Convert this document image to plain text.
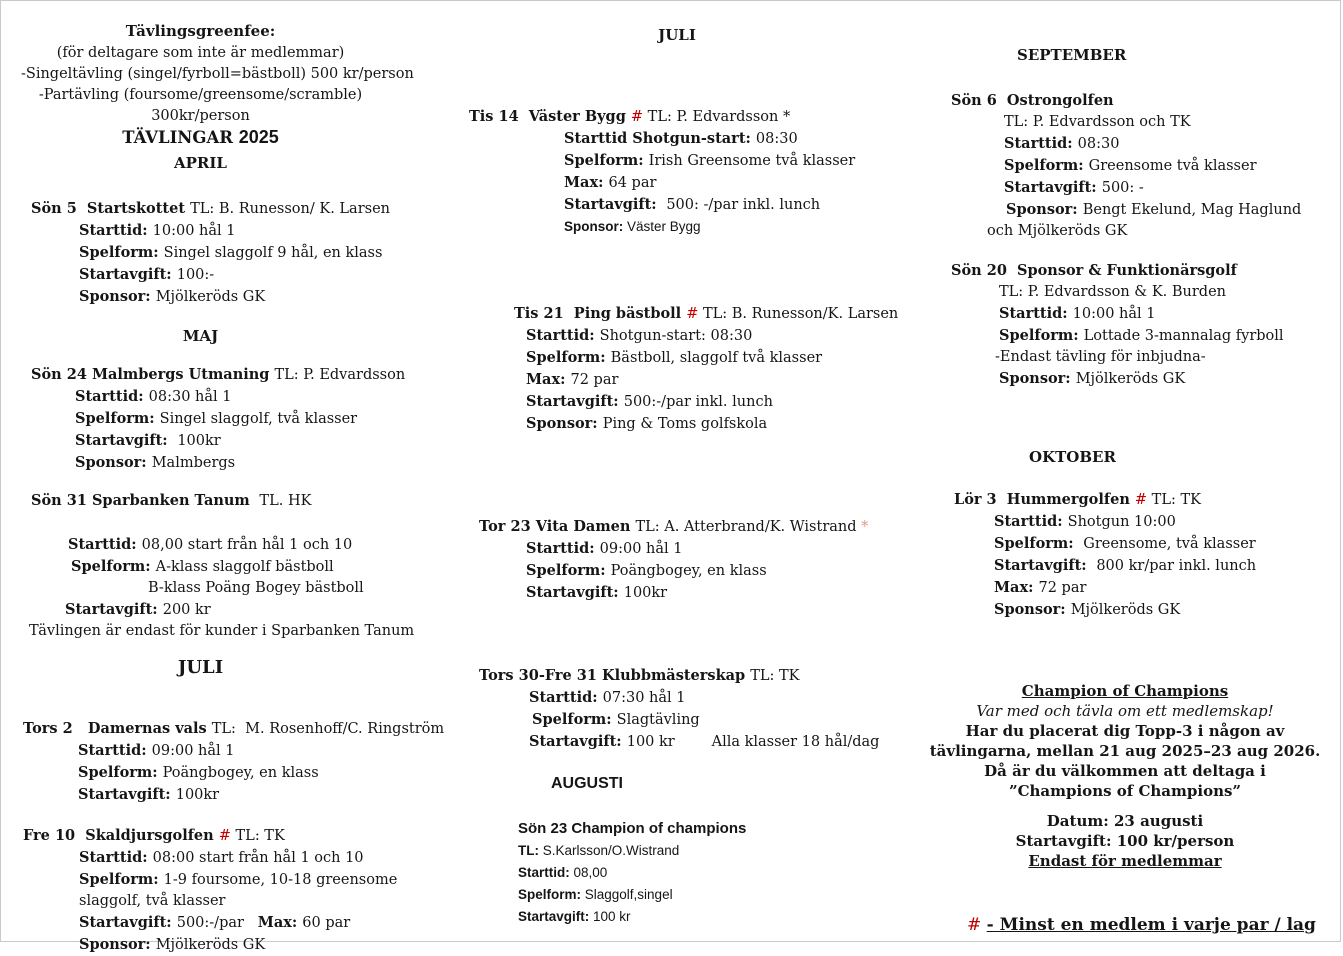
Tävlingsgreenfee:
(för deltagare som inte är medlemmar)
-Singeltävling (singel/fyrboll=bästboll) 500 kr/person
-Partävling (foursome/greensome/scramble)
300kr/person
TÄVLINGAR 2025
APRIL
Sön 5  Startskottet TL: B. Runesson/ K. Larsen
Starttid: 10:00 hål 1
Spelform: Singel slaggolf 9 hål, en klass
Startavgift: 100:-
Sponsor: Mjölkeröds GK
MAJ
Sön 24 Malmbergs Utmaning TL: P. Edvardsson
Starttid: 08:30 hål 1
Spelform: Singel slaggolf, två klasser
Startavgift:  100kr
Sponsor: Malmbergs
Sön 31 Sparbanken Tanum  TL. HK
Starttid: 08,00 start från hål 1 och 10
Spelform: A-klass slaggolf bästboll
B-klass Poäng Bogey bästboll
Startavgift: 200 kr
Tävlingen är endast för kunder i Sparbanken Tanum
JULI
Tors 2   Damernas vals TL:  M. Rosenhoff/C. Ringström
Starttid: 09:00 hål 1
Spelform: Poängbogey, en klass
Startavgift: 100kr
Fre 10  Skaldjursgolfen # TL: TK
Starttid: 08:00 start från hål 1 och 10
Spelform: 1-9 foursome, 10-18 greensome
slaggolf, två klasser
Startavgift: 500:-/par   Max: 60 par
Sponsor: Mjölkeröds GK
JULI
Tis 14  Väster Bygg # TL: P. Edvardsson *
Starttid Shotgun-start: 08:30
Spelform: Irish Greensome två klasser
Max: 64 par
Startavgift:  500: -/par inkl. lunch
Sponsor: Väster Bygg
Tis 21  Ping bästboll # TL: B. Runesson/K. Larsen
Starttid: Shotgun-start: 08:30
Spelform: Bästboll, slaggolf två klasser
Max: 72 par
Startavgift: 500:-/par inkl. lunch
Sponsor: Ping & Toms golfskola
Tor 23 Vita Damen TL: A. Atterbrand/K. Wistrand *
Starttid: 09:00 hål 1
Spelform: Poängbogey, en klass
Startavgift: 100kr
Tors 30-Fre 31 Klubbmästerskap TL: TK
Starttid: 07:30 hål 1
Spelform: Slagtävling
Startavgift: 100 kr        Alla klasser 18 hål/dag
AUGUSTI
Sön 23 Champion of champions
TL: S.Karlsson/O.Wistrand
Starttid: 08,00
Spelform: Slaggolf,singel
Startavgift: 100 kr
SEPTEMBER
Sön 6  Ostrongolfen
TL: P. Edvardsson och TK
Starttid: 08:30
Spelform: Greensome två klasser
Startavgift: 500: -
Sponsor: Bengt Ekelund, Mag Haglund
och Mjölkeröds GK
Sön 20  Sponsor & Funktionärsgolf
TL: P. Edvardsson & K. Burden
Starttid: 10:00 hål 1
Spelform: Lottade 3-mannalag fyrboll
-Endast tävling för inbjudna-
Sponsor: Mjölkeröds GK
OKTOBER
Lör 3  Hummergolfen # TL: TK
Starttid: Shotgun 10:00
Spelform:  Greensome, två klasser
Startavgift:  800 kr/par inkl. lunch
Max: 72 par
Sponsor: Mjölkeröds GK
Champion of Champions
Var med och tävla om ett medlemskap!
Har du placerat dig Topp-3 i någon av
tävlingarna, mellan 21 aug 2025–23 aug 2026.
Då är du välkommen att deltaga i
”Champions of Champions”
Datum: 23 augusti
Startavgift: 100 kr/person
Endast för medlemmar
# - Minst en medlem i varje par / lag
